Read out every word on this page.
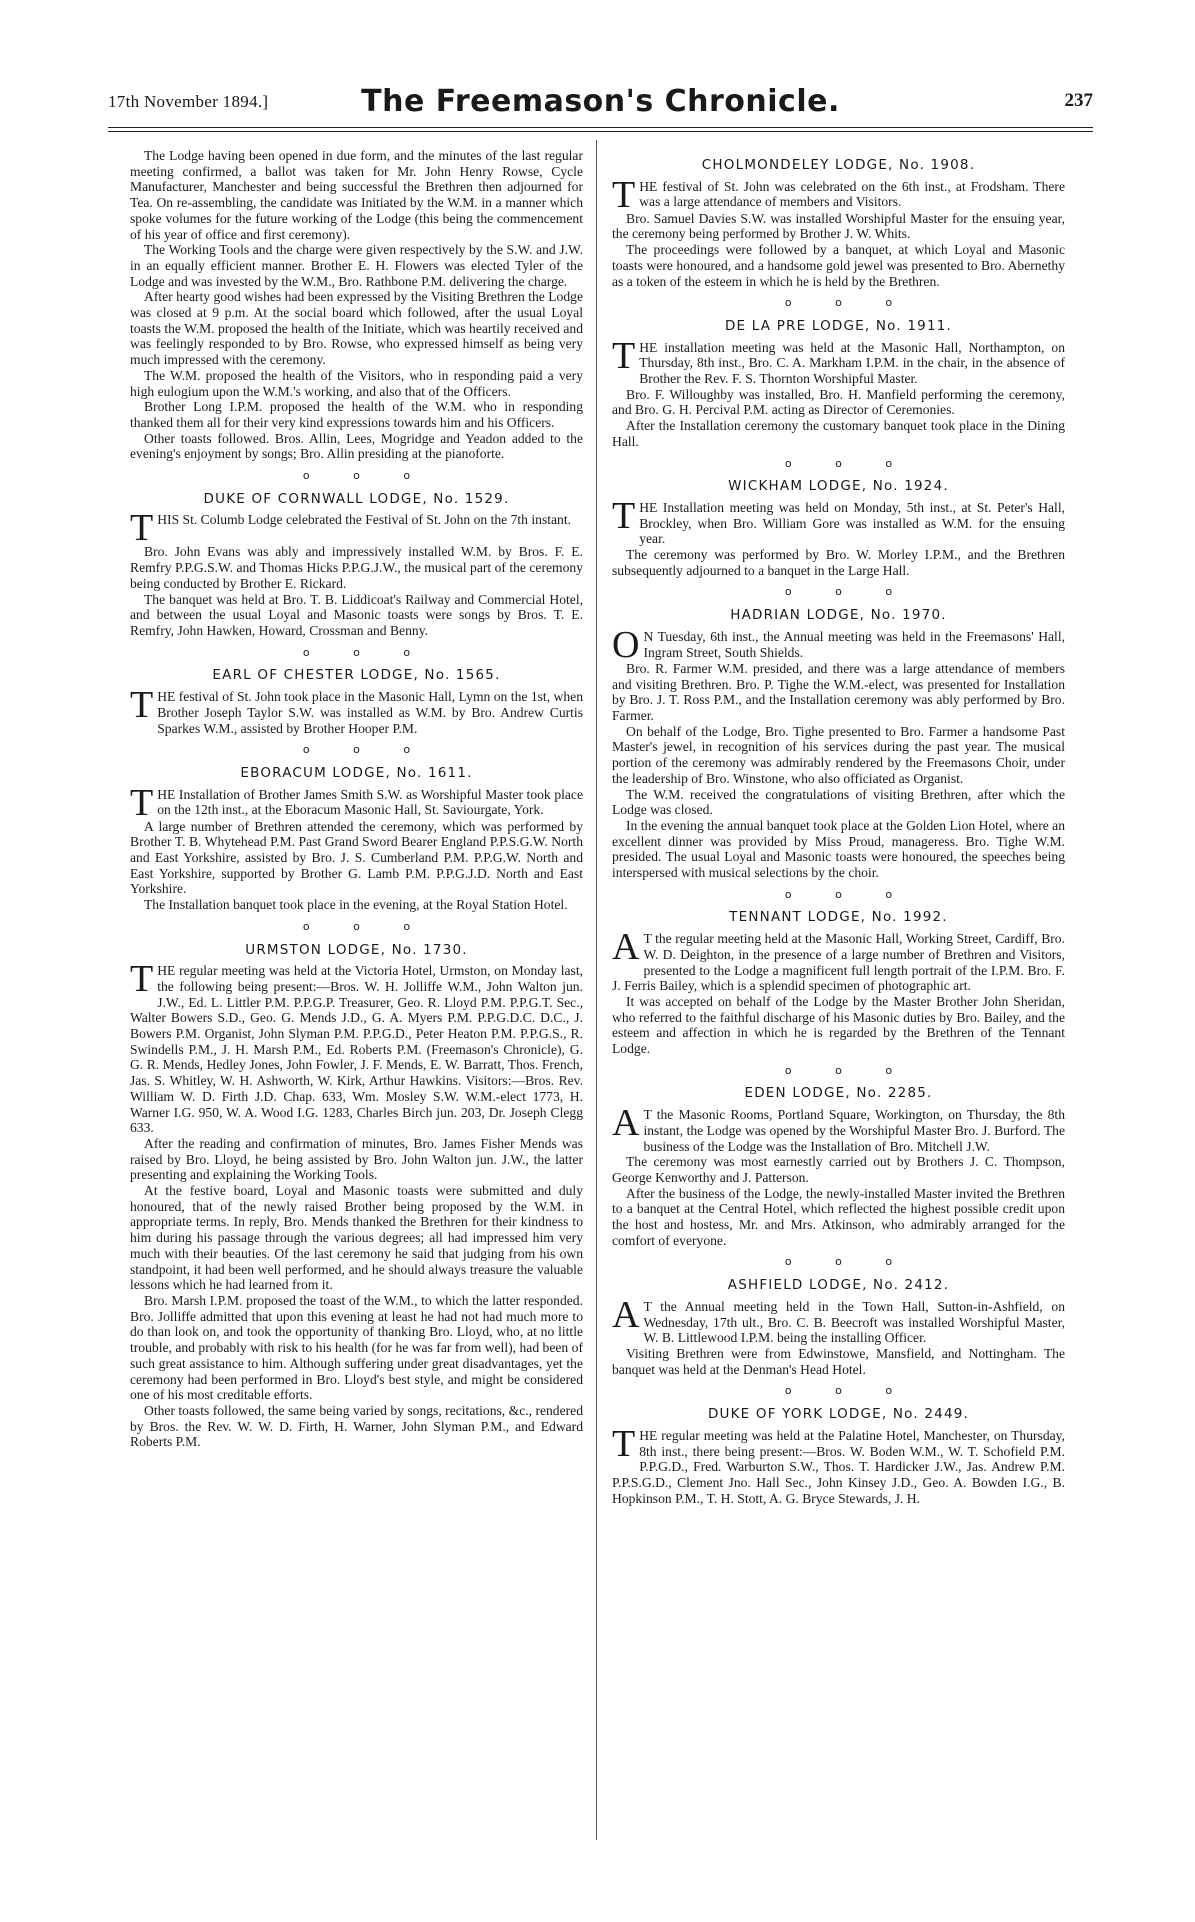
17th November 1894.]	The Freemason's Chronicle.	237

The Lodge having been opened in due form, and the minutes of the last regular meeting confirmed, a ballot was taken for Mr. John Henry Rowse, Cycle Manufacturer, Manchester and being successful the Brethren then adjourned for Tea. On re-assembling, the candidate was Initiated by the W.M. in a manner which spoke volumes for the future working of the Lodge (this being the commencement of his year of office and first ceremony).

The Working Tools and the charge were given respectively by the S.W. and J.W. in an equally efficient manner. Brother E. H. Flowers was elected Tyler of the Lodge and was invested by the W.M., Bro. Rathbone P.M. delivering the charge.

After hearty good wishes had been expressed by the Visiting Brethren the Lodge was closed at 9 p.m. At the social board which followed, after the usual Loyal toasts the W.M. proposed the health of the Initiate, which was heartily received and was feelingly responded to by Bro. Rowse, who expressed himself as being very much impressed with the ceremony.

The W.M. proposed the health of the Visitors, who in responding paid a very high eulogium upon the W.M.'s working, and also that of the Officers.

Brother Long I.P.M. proposed the health of the W.M. who in responding thanked them all for their very kind expressions towards him and his Officers.

Other toasts followed. Bros. Allin, Lees, Mogridge and Yeadon added to the evening's enjoyment by songs; Bro. Allin presiding at the pianoforte.

o o o
DUKE OF CORNWALL LODGE, No. 1529.
T HIS St. Columb Lodge celebrated the Festival of St. John on the 7th instant.

Bro. John Evans was ably and impressively installed W.M. by Bros. F. E. Remfry P.P.G.S.W. and Thomas Hicks P.P.G.J.W., the musical part of the ceremony being conducted by Brother E. Rickard.

The banquet was held at Bro. T. B. Liddicoat's Railway and Commercial Hotel, and between the usual Loyal and Masonic toasts were songs by Bros. T. E. Remfry, John Hawken, Howard, Crossman and Benny.

o o o
EARL OF CHESTER LODGE, No. 1565.
T HE festival of St. John took place in the Masonic Hall, Lymn on the 1st, when Brother Joseph Taylor S.W. was installed as W.M. by Bro. Andrew Curtis Sparkes W.M., assisted by Brother Hooper P.M.

o o o
EBORACUM LODGE, No. 1611.
T HE Installation of Brother James Smith S.W. as Worshipful Master took place on the 12th inst., at the Eboracum Masonic Hall, St. Saviourgate, York.

A large number of Brethren attended the ceremony, which was performed by Brother T. B. Whytehead P.M. Past Grand Sword Bearer England P.P.S.G.W. North and East Yorkshire, assisted by Bro. J. S. Cumberland P.M. P.P.G.W. North and East Yorkshire, supported by Brother G. Lamb P.M. P.P.G.J.D. North and East Yorkshire.

The Installation banquet took place in the evening, at the Royal Station Hotel.

o o o
URMSTON LODGE, No. 1730.
T HE regular meeting was held at the Victoria Hotel, Urmston, on Monday last, the following being present:—Bros. W. H. Jolliffe W.M., John Walton jun. J.W., Ed. L. Littler P.M. P.P.G.P. Treasurer, Geo. R. Lloyd P.M. P.P.G.T. Sec., Walter Bowers S.D., Geo. G. Mends J.D., G. A. Myers P.M. P.P.G.D.C. D.C., J. Bowers P.M. Organist, John Slyman P.M. P.P.G.D., Peter Heaton P.M. P.P.G.S., R. Swindells P.M., J. H. Marsh P.M., Ed. Roberts P.M. (Freemason's Chronicle), G. G. R. Mends, Hedley Jones, John Fowler, J. F. Mends, E. W. Barratt, Thos. French, Jas. S. Whitley, W. H. Ashworth, W. Kirk, Arthur Hawkins. Visitors:—Bros. Rev. William W. D. Firth J.D. Chap. 633, Wm. Mosley S.W. W.M.-elect 1773, H. Warner I.G. 950, W. A. Wood I.G. 1283, Charles Birch jun. 203, Dr. Joseph Clegg 633.

After the reading and confirmation of minutes, Bro. James Fisher Mends was raised by Bro. Lloyd, he being assisted by Bro. John Walton jun. J.W., the latter presenting and explaining the Working Tools.

At the festive board, Loyal and Masonic toasts were submitted and duly honoured, that of the newly raised Brother being proposed by the W.M. in appropriate terms. In reply, Bro. Mends thanked the Brethren for their kindness to him during his passage through the various degrees; all had impressed him very much with their beauties. Of the last ceremony he said that judging from his own standpoint, it had been well performed, and he should always treasure the valuable lessons which he had learned from it.

Bro. Marsh I.P.M. proposed the toast of the W.M., to which the latter responded. Bro. Jolliffe admitted that upon this evening at least he had not had much more to do than look on, and took the opportunity of thanking Bro. Lloyd, who, at no little trouble, and probably with risk to his health (for he was far from well), had been of such great assistance to him. Although suffering under great disadvantages, yet the ceremony had been performed in Bro. Lloyd's best style, and might be considered one of his most creditable efforts.

Other toasts followed, the same being varied by songs, recitations, &c., rendered by Bros. the Rev. W. W. D. Firth, H. Warner, John Slyman P.M., and Edward Roberts P.M.

CHOLMONDELEY LODGE, No. 1908.
T HE festival of St. John was celebrated on the 6th inst., at Frodsham. There was a large attendance of members and Visitors.

Bro. Samuel Davies S.W. was installed Worshipful Master for the ensuing year, the ceremony being performed by Brother J. W. Whits.

The proceedings were followed by a banquet, at which Loyal and Masonic toasts were honoured, and a handsome gold jewel was presented to Bro. Abernethy as a token of the esteem in which he is held by the Brethren.

o o o
DE LA PRE LODGE, No. 1911.
T HE installation meeting was held at the Masonic Hall, Northampton, on Thursday, 8th inst., Bro. C. A. Markham I.P.M. in the chair, in the absence of Brother the Rev. F. S. Thornton Worshipful Master.

Bro. F. Willoughby was installed, Bro. H. Manfield performing the ceremony, and Bro. G. H. Percival P.M. acting as Director of Ceremonies.

After the Installation ceremony the customary banquet took place in the Dining Hall.

o o o
WICKHAM LODGE, No. 1924.
T HE Installation meeting was held on Monday, 5th inst., at St. Peter's Hall, Brockley, when Bro. William Gore was installed as W.M. for the ensuing year.

The ceremony was performed by Bro. W. Morley I.P.M., and the Brethren subsequently adjourned to a banquet in the Large Hall.

o o o
HADRIAN LODGE, No. 1970.
O N Tuesday, 6th inst., the Annual meeting was held in the Freemasons' Hall, Ingram Street, South Shields.

Bro. R. Farmer W.M. presided, and there was a large attendance of members and visiting Brethren. Bro. P. Tighe the W.M.-elect, was presented for Installation by Bro. J. T. Ross P.M., and the Installation ceremony was ably performed by Bro. Farmer.

On behalf of the Lodge, Bro. Tighe presented to Bro. Farmer a handsome Past Master's jewel, in recognition of his services during the past year. The musical portion of the ceremony was admirably rendered by the Freemasons Choir, under the leadership of Bro. Winstone, who also officiated as Organist.

The W.M. received the congratulations of visiting Brethren, after which the Lodge was closed.

In the evening the annual banquet took place at the Golden Lion Hotel, where an excellent dinner was provided by Miss Proud, manageress. Bro. Tighe W.M. presided. The usual Loyal and Masonic toasts were honoured, the speeches being interspersed with musical selections by the choir.

o o o
TENNANT LODGE, No. 1992.
A T the regular meeting held at the Masonic Hall, Working Street, Cardiff, Bro. W. D. Deighton, in the presence of a large number of Brethren and Visitors, presented to the Lodge a magnificent full length portrait of the I.P.M. Bro. F. J. Ferris Bailey, which is a splendid specimen of photographic art.

It was accepted on behalf of the Lodge by the Master Brother John Sheridan, who referred to the faithful discharge of his Masonic duties by Bro. Bailey, and the esteem and affection in which he is regarded by the Brethren of the Tennant Lodge.

o o o
EDEN LODGE, No. 2285.
A T the Masonic Rooms, Portland Square, Workington, on Thursday, the 8th instant, the Lodge was opened by the Worshipful Master Bro. J. Burford. The business of the Lodge was the Installation of Bro. Mitchell J.W.

The ceremony was most earnestly carried out by Brothers J. C. Thompson, George Kenworthy and J. Patterson.

After the business of the Lodge, the newly-installed Master invited the Brethren to a banquet at the Central Hotel, which reflected the highest possible credit upon the host and hostess, Mr. and Mrs. Atkinson, who admirably arranged for the comfort of everyone.

o o o
ASHFIELD LODGE, No. 2412.
A T the Annual meeting held in the Town Hall, Sutton-in-Ashfield, on Wednesday, 17th ult., Bro. C. B. Beecroft was installed Worshipful Master, W. B. Littlewood I.P.M. being the installing Officer.

Visiting Brethren were from Edwinstowe, Mansfield, and Nottingham. The banquet was held at the Denman's Head Hotel.

o o o
DUKE OF YORK LODGE, No. 2449.
T HE regular meeting was held at the Palatine Hotel, Manchester, on Thursday, 8th inst., there being present:—Bros. W. Boden W.M., W. T. Schofield P.M. P.P.G.D., Fred. Warburton S.W., Thos. T. Hardicker J.W., Jas. Andrew P.M. P.P.S.G.D., Clement Jno. Hall Sec., John Kinsey J.D., Geo. A. Bowden I.G., B. Hopkinson P.M., T. H. Stott, A. G. Bryce Stewards, J. H.
